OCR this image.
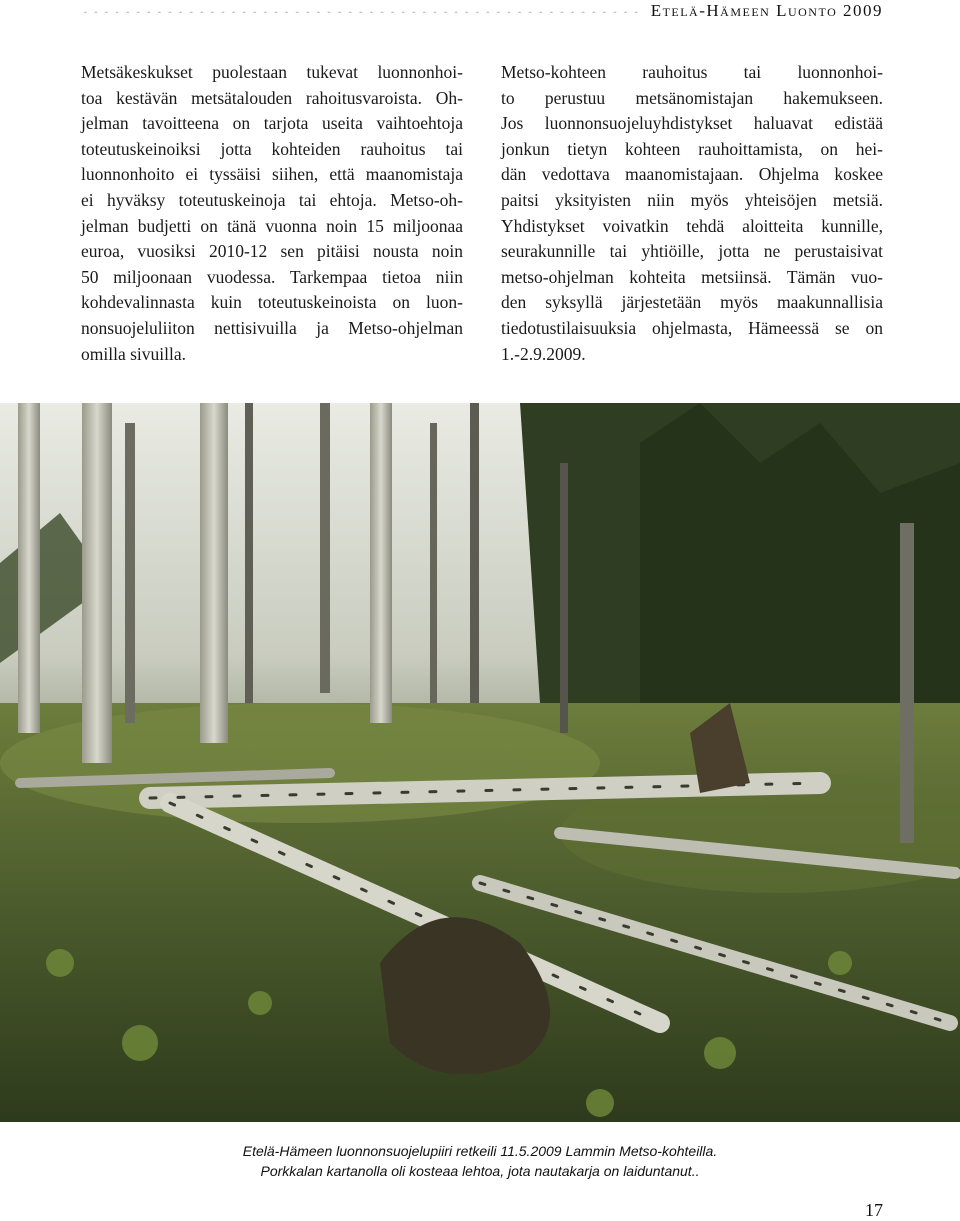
Etelä-Hämeen Luonto 2009
Metsäkeskukset puolestaan tukevat luonnonhoi-
toa kestävän metsätalouden rahoitusvaroista. Oh-
jelman tavoitteena on tarjota useita vaihtoehtoja
toteutuskeinoiksi jotta kohteiden rauhoitus tai
luonnonhoito ei tyssäisi siihen, että maanomistaja
ei hyväksy toteutuskeinoja tai ehtoja. Metso-oh-
jelman budjetti on tänä vuonna noin 15 miljoonaa
euroa, vuosiksi 2010-12 sen pitäisi nousta noin
50 miljoonaan vuodessa. Tarkempaa tietoa niin
kohdevalinnasta kuin toteutuskeinoista on luon-
nonsuojeluliiton nettisivuilla ja Metso-ohjelman
omilla sivuilla.
Metso-kohteen rauhoitus tai luonnonhoi-
to perustuu metsänomistajan hakemukseen.
Jos luonnonsuojeluyhdistykset haluavat edistää
jonkun tietyn kohteen rauhoittamista, on hei-
dän vedottava maanomistajaan. Ohjelma koskee
paitsi yksityisten niin myös yhteisöjen metsiä.
Yhdistykset voivatkin tehdä aloitteita kunnille,
seurakunnille tai yhtiöille, jotta ne perustaisivat
metso-ohjelman kohteita metsiinsä. Tämän vuo-
den syksyllä järjestetään myös maakunnallisia
tiedotustilaisuuksia ohjelmasta, Hämeessä se on
1.-2.9.2009.
Etelä-Hämeen luonnonsuojelupiiri retkeili 11.5.2009 Lammin Metso-kohteilla.
Porkkalan kartanolla oli kosteaa lehtoa, jota nautakarja on laiduntanut..
17
